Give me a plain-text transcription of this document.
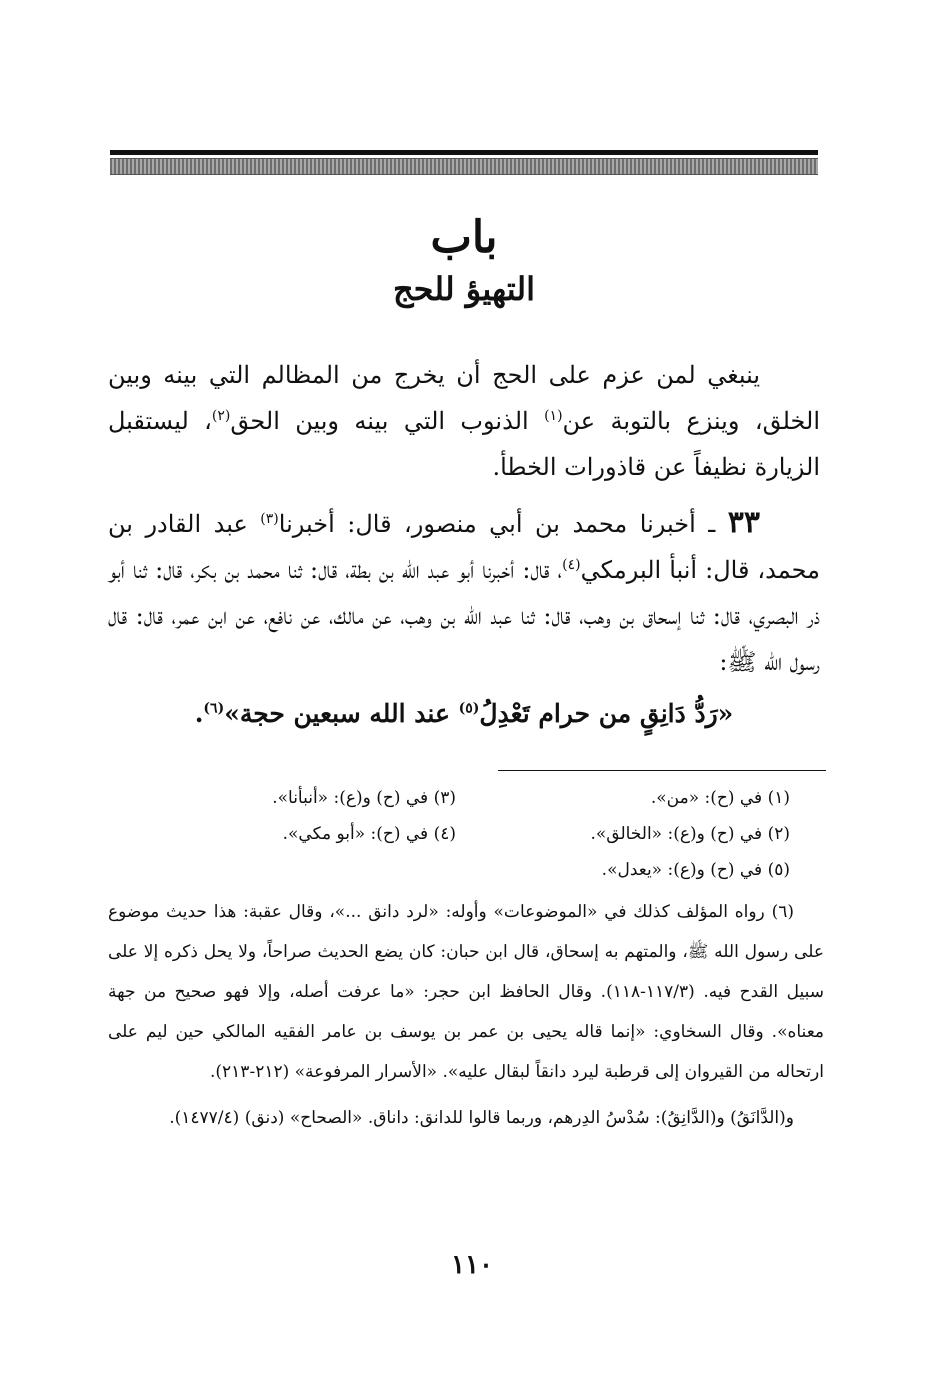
باب
التهيؤ للحج

ينبغي لمن عزم على الحج أن يخرج من المظالم التي بينه وبين الخلق، وينزع بالتوبة عن$^{(١)}$ الذنوب التي بينه وبين الحق$^{(٢)}$، ليستقبل الزيارة نظيفاً عن قاذورات الخطأ.

٣٣ ـ أخبرنا محمد بن أبي منصور، قال: أخبرنا$^{(٣)}$ عبد القادر بن محمد، قال: أنبأ البرمكي$^{(٤)}$، قال: أخبرنا أبو عبد الله بن بطة، قال: ثنا محمد بن بكر، قال: ثنا أبو ذر البصري، قال: ثنا إسحاق بن وهب، قال: ثنا عبد الله بن وهب، عن مالك، عن نافع، عن ابن عمر، قال: قال رسول الله ﷺ:

«رَدُّ دَانِقٍ من حرام تَعْدِلُ$^{(٥)}$ عند الله سبعين حجة»$^{(٦)}$.

(١) في (ح): «من».
(٣) في (ح) و(ع): «أنبأنا».
(٢) في (ح) و(ع): «الخالق».
(٤) في (ح): «أبو مكي».
(٥) في (ح) و(ع): «يعدل».

(٦) رواه المؤلف كذلك في «الموضوعات» وأوله: «لرد دانق ...»، وقال عقبة: هذا حديث موضوع على رسول الله ﷺ، والمتهم به إسحاق، قال ابن حبان: كان يضع الحديث صراحاً، ولا يحل ذكره إلا على سبيل القدح فيه. (١١٧/٣-١١٨). وقال الحافظ ابن حجر: «ما عرفت أصله، وإلا فهو صحيح من جهة معناه». وقال السخاوي: «إنما قاله يحيى بن عمر بن يوسف بن عامر الفقيه المالكي حين ليم على ارتحاله من القيروان إلى قرطبة ليرد دانقاً لبقال عليه». «الأسرار المرفوعة» (٢١٢-٢١٣).

و(الدَّانَقُ) و(الدَّانِقُ): سُدْسُ الدِرهم، وربما قالوا للدانق: داناق. «الصحاح» (دنق) (١٤٧٧/٤).

١١٠
